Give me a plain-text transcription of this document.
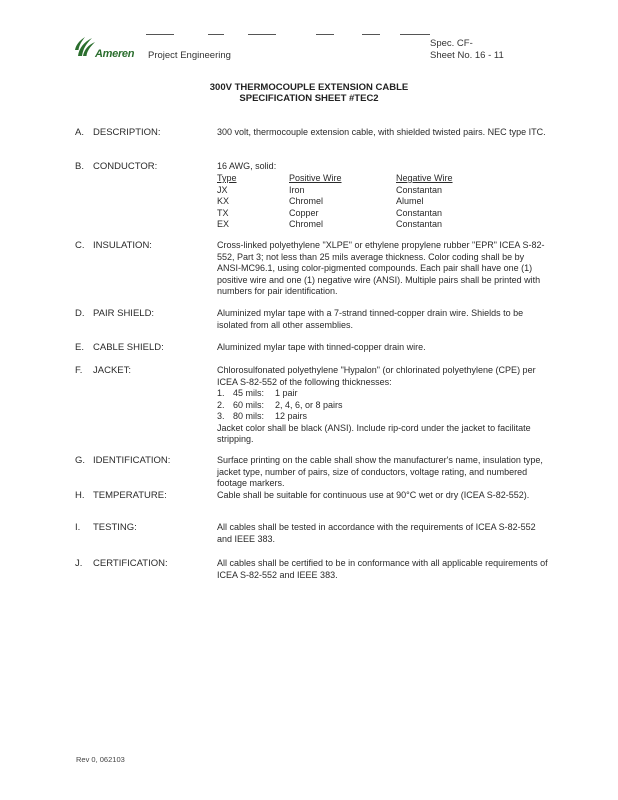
Ameren Project Engineering
Spec. CF-
Sheet No. 16 - 11
300V THERMOCOUPLE EXTENSION CABLE
SPECIFICATION SHEET #TEC2
A. DESCRIPTION:	300 volt, thermocouple extension cable, with shielded twisted pairs. NEC type ITC.
B. CONDUCTOR:	16 AWG, solid:
Type	Positive Wire	Negative Wire
JX	Iron	Constantan
KX	Chromel	Alumel
TX	Copper	Constantan
EX	Chromel	Constantan
C. INSULATION:	Cross-linked polyethylene "XLPE" or ethylene propylene rubber "EPR" ICEA S-82-552, Part 3; not less than 25 mils average thickness. Color coding shall be by ANSI-MC96.1, using color-pigmented compounds. Each pair shall have one (1) positive wire and one (1) negative wire (ANSI). Multiple pairs shall be printed with numbers for pair identification.
D. PAIR SHIELD:	Aluminized mylar tape with a 7-strand tinned-copper drain wire. Shields to be isolated from all other assemblies.
E. CABLE SHIELD:	Aluminized mylar tape with tinned-copper drain wire.
F. JACKET:	Chlorosulfonated polyethylene "Hypalon" (or chlorinated polyethylene (CPE) per ICEA S-82-552 of the following thicknesses:

1. 45 mils:	1 pair
2. 60 mils:	2, 4, 6, or 8 pairs
3. 80 mils:	12 pairs

Jacket color shall be black (ANSI). Include rip-cord under the jacket to facilitate stripping.

G. IDENTIFICATION:	Surface printing on the cable shall show the manufacturer's name, insulation type, jacket type, number of pairs, size of conductors, voltage rating, and numbered footage markers.
H. TEMPERATURE:	Cable shall be suitable for continuous use at 90°C wet or dry (ICEA S-82-552).
I. TESTING:	All cables shall be tested in accordance with the requirements of ICEA S-82-552 and IEEE 383.
J. CERTIFICATION:	All cables shall be certified to be in conformance with all applicable requirements of ICEA S-82-552 and IEEE 383.
Rev 0, 062103
